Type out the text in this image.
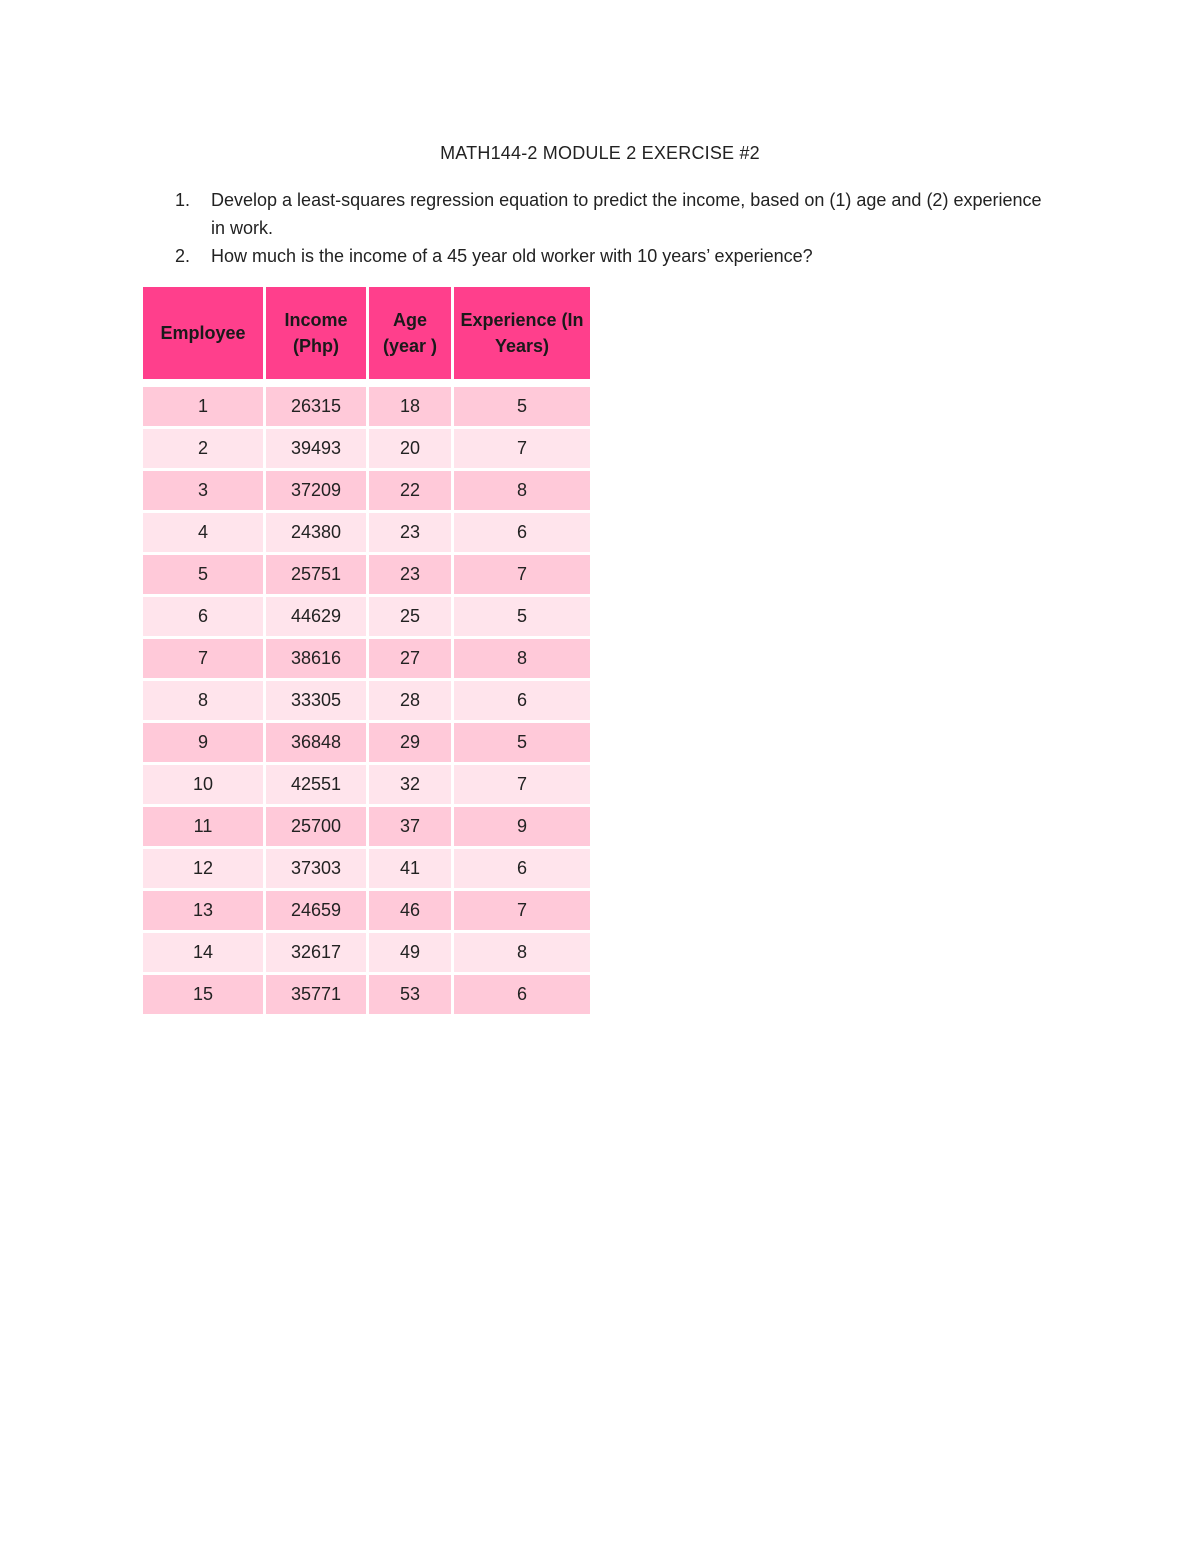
MATH144-2 MODULE 2 EXERCISE #2
1. Develop a least-squares regression equation to predict the income, based on (1) age and (2) experience in work.
2. How much is the income of a 45 year old worker with 10 years’ experience?
Employee	Income (Php)	Age (year )	Experience (In Years)

1	26315	18	5
2	39493	20	7
3	37209	22	8
4	24380	23	6
5	25751	23	7
6	44629	25	5
7	38616	27	8
8	33305	28	6
9	36848	29	5
10	42551	32	7
11	25700	37	9
12	37303	41	6
13	24659	46	7
14	32617	49	8
15	35771	53	6
